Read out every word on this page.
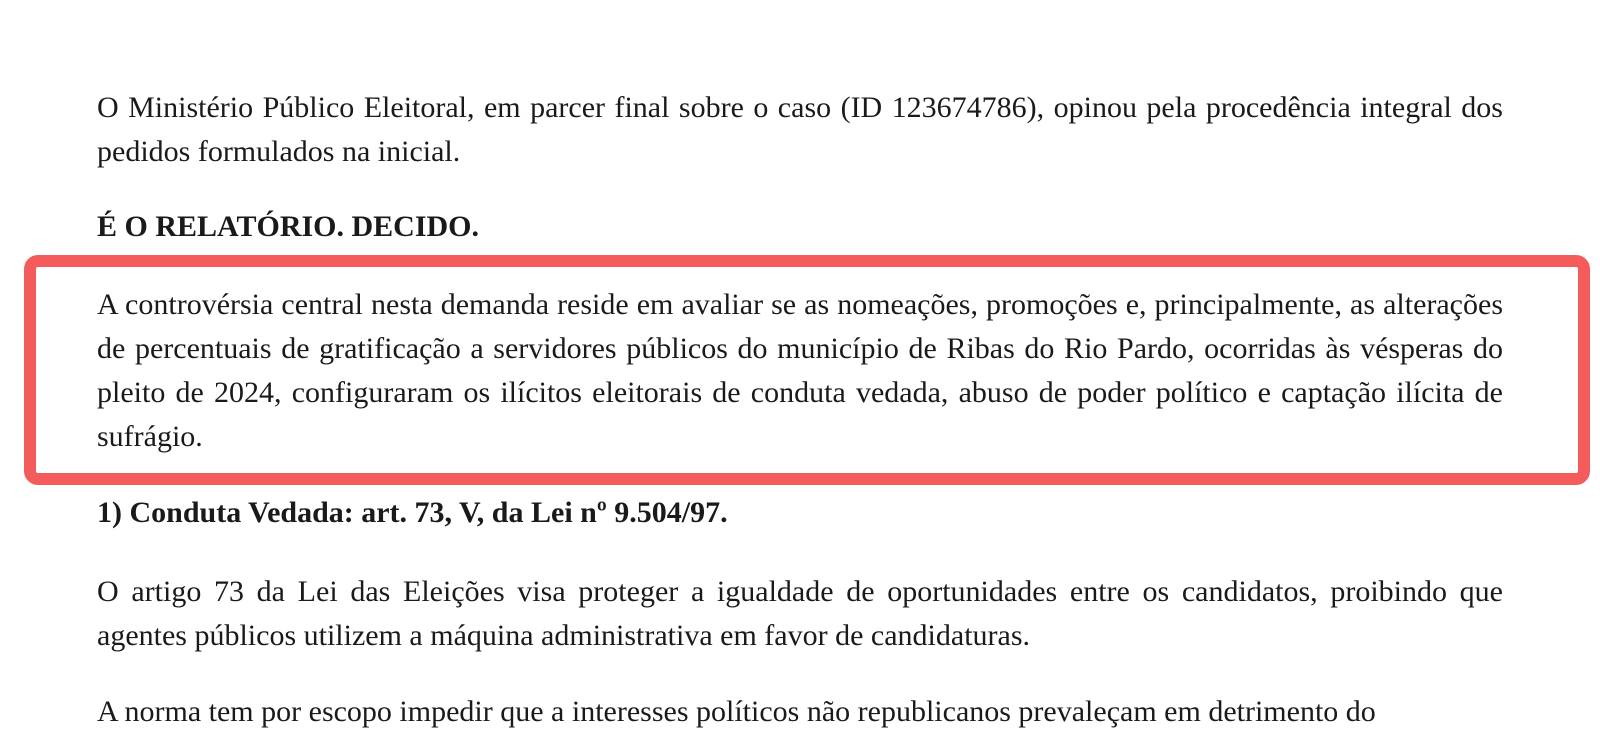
O Ministério Público Eleitoral, em parcer final sobre o caso (ID 123674786), opinou pela procedência integral dos pedidos formulados na inicial.

É O RELATÓRIO. DECIDO.

A controvérsia central nesta demanda reside em avaliar se as nomeações, promoções e, principalmente, as alterações de percentuais de gratificação a servidores públicos do município de Ribas do Rio Pardo, ocorridas às vésperas do pleito de 2024, configuraram os ilícitos eleitorais de conduta vedada, abuso de poder político e captação ilícita de sufrágio.

1) Conduta Vedada: art. 73, V, da Lei nº 9.504/97.

O artigo 73 da Lei das Eleições visa proteger a igualdade de oportunidades entre os candidatos, proibindo que agentes públicos utilizem a máquina administrativa em favor de candidaturas.

A norma tem por escopo impedir que a interesses políticos não republicanos prevaleçam em detrimento do
